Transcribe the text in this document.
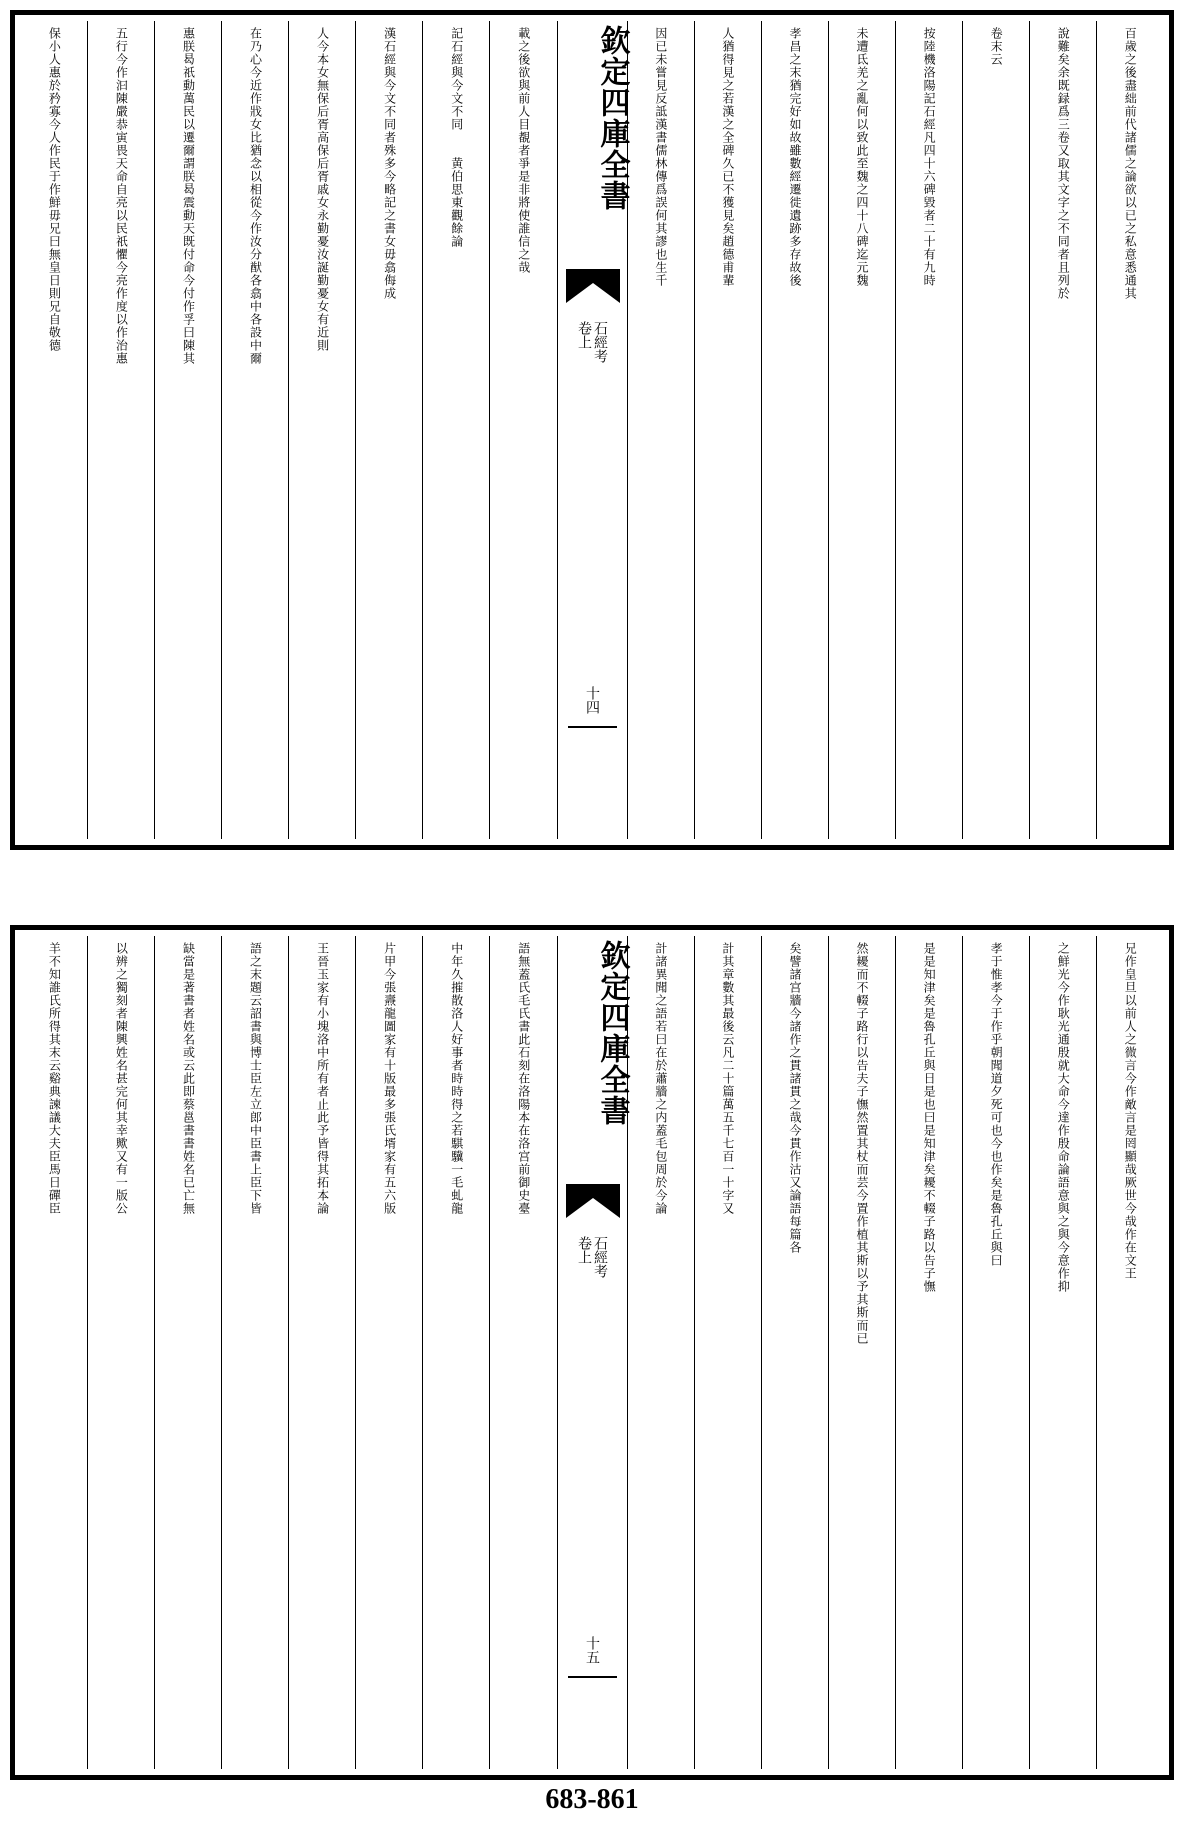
百歲之後盡絀前代諸儒之論欲以已之私意悉通其
說難矣余既録爲三卷又取其文字之不同者且列於
卷末云
按陸機洛陽記石經凡四十六碑毀者二十有九時
未遭氐羌之亂何以致此至魏之四十八碑迄元魏
孝昌之末猶完好如故雖數經遷徙遺跡多存故後
人猶得見之若漢之全碑久已不獲見矣趙德甫輩
因已未嘗見反詆漢書儒林傳爲誤何其謬也生千
欽定四庫全書
石經考
卷上
十四
載之後欲與前人目覩者爭是非將使誰信之哉
記石經與今文不同　　黄伯思東觀餘論
漢石經與今文不同者殊多今略記之書女毋翕侮成
人今本女無保后胥高保后胥戚女永勤憂汝誕勤憂女有近則
在乃心今近作戕女比猶念以相從今作汝分猷各翕中各設中爾
惠朕曷祇動萬民以遷爾謂朕曷震動天既付命今付作孚曰陳其
五行今作汩陳嚴恭寅畏天命自亮以民祇懼今亮作度以作治惠
保小人惠於矜寡今人作民于作鮮毋兄曰無皇日則兄自敬德
兄作皇旦以前人之微言今作敵言是罔顯哉厥世今哉作在文王
之鮮光今作耿光通殷就大命今達作殷命論語意與之與今意作抑
孝于惟孝今于作乎朝聞道夕死可也今也作矣是魯孔丘與曰
是是知津矣是魯孔丘與日是也曰是知津矣耰不輟子路以告子憮
然耰而不輟子路行以告夫子憮然置其杖而芸今置作植其斯以予其斯而已
矣譬諸宫牆今諸作之貫諸貫之哉今貫作沽又論語每篇各
計其章數其最後云凡二十篇萬五千七百一十字又
計諸異聞之語若曰在於蕭牆之内蓋毛包周於今論
欽定四庫全書
石經考
卷上
十五
語無蓋氏毛氏書此石刻在洛陽本在洛宫前御史臺
中年久摧散洛人好事者時時得之若騏驥一毛虬龍
片甲今張燾龍圖家有十版最多張氏壻家有五六版
王晉玉家有小塊洛中所有者止此予皆得其拓本論
語之末題云詔書與博士臣左立郎中臣書上臣下皆
缺當是著書者姓名或云此即蔡邕書書姓名已亡無
以辨之獨刻者陳興姓名甚完何其幸歟又有一版公
羊不知誰氏所得其末云谿典諫議大夫臣馬日磾臣
683-861
